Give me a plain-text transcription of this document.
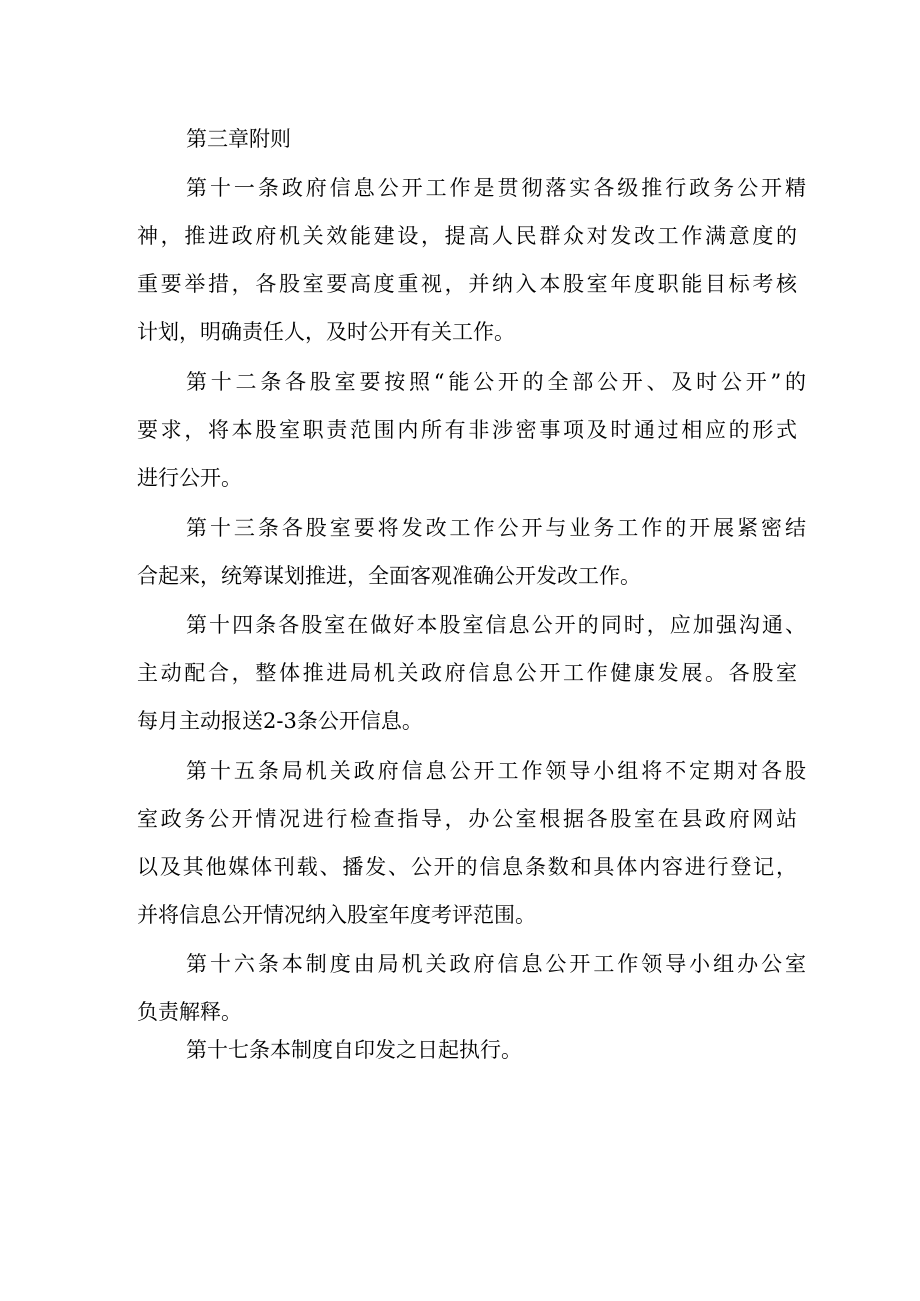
第三章附则
第十一条政府信息公开工作是贯彻落实各级推行政务公开精
神，推进政府机关效能建设，提高人民群众对发改工作满意度的
重要举措，各股室要高度重视，并纳入本股室年度职能目标考核
计划，明确责任人，及时公开有关工作。
第十二条各股室要按照“能公开的全部公开、及时公开”的
要求，将本股室职责范围内所有非涉密事项及时通过相应的形式
进行公开。
第十三条各股室要将发改工作公开与业务工作的开展紧密结
合起来，统筹谋划推进，全面客观准确公开发改工作。
第十四条各股室在做好本股室信息公开的同时，应加强沟通、
主动配合，整体推进局机关政府信息公开工作健康发展。各股室
每月主动报送2-3条公开信息。
第十五条局机关政府信息公开工作领导小组将不定期对各股
室政务公开情况进行检查指导，办公室根据各股室在县政府网站
以及其他媒体刊载、播发、公开的信息条数和具体内容进行登记，
并将信息公开情况纳入股室年度考评范围。
第十六条本制度由局机关政府信息公开工作领导小组办公室
负责解释。
第十七条本制度自印发之日起执行。
